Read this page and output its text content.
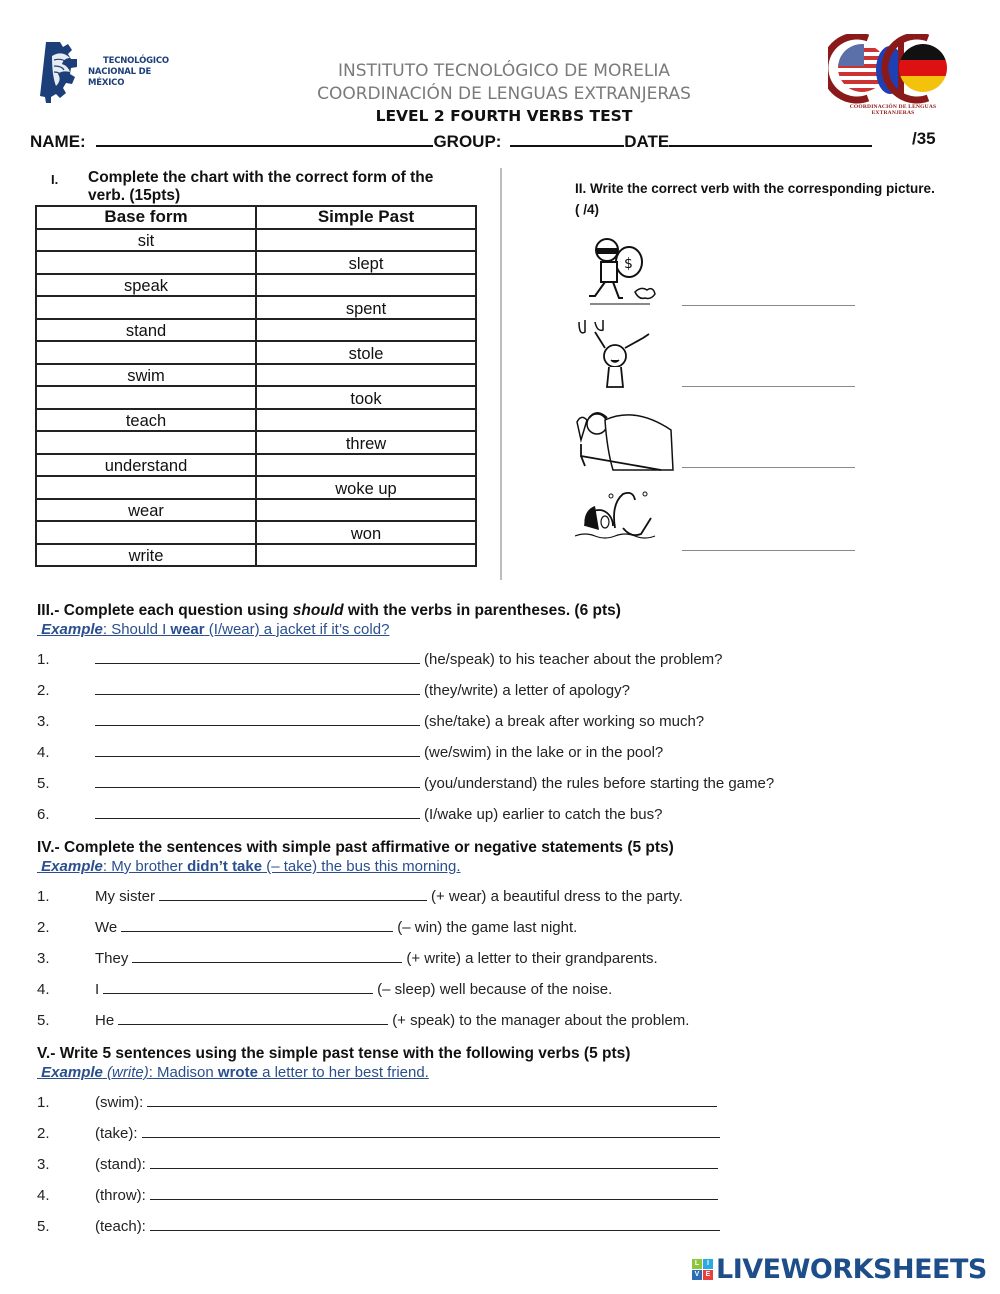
TECNOLÓGICO
NACIONAL DE MÉXICO
INSTITUTO TECNOLÓGICO DE MORELIA
COORDINACIÓN DE LENGUAS EXTRANJERAS
LEVEL 2 FOURTH VERBS TEST	COORDINACIÓN DE LENGUAS EXTRANJERAS
NAME:	GROUP:	DATE	/35
I. Complete the chart with the correct form of the verb. (15pts)
Base form	Simple Past
sit	
	slept
speak	
	spent
stand	
	stole
swim	
	took
teach	
	threw
understand	
	woke up
wear	
	won
write	
II. Write the correct verb with the corresponding picture. ( /4)
$
III.- Complete each question using should with the verbs in parentheses. (6 pts)
Example: Should I wear (I/wear) a jacket if it’s cold?
1.	(he/speak) to his teacher about the problem?
2.	(they/write) a letter of apology?
3.	(she/take) a break after working so much?
4.	(we/swim) in the lake or in the pool?
5.	(you/understand) the rules before starting the game?
6.	(I/wake up) earlier to catch the bus?
IV.- Complete the sentences with simple past affirmative or negative statements (5 pts)
Example: My brother didn’t take (– take) the bus this morning.
1.	My sister	(+ wear) a beautiful dress to the party.
2.	We	(– win) the game last night.
3.	They	(+ write) a letter to their grandparents.
4.	I	(– sleep) well because of the noise.
5.	He	(+ speak) to the manager about the problem.
V.- Write 5 sentences using the simple past tense with the following verbs (5 pts)
Example (write): Madison wrote a letter to her best friend.
1.	(swim):
2.	(take):
3.	(stand):
4.	(throw):
5.	(teach):
L	I
V E LIVEWORKSHEETS
